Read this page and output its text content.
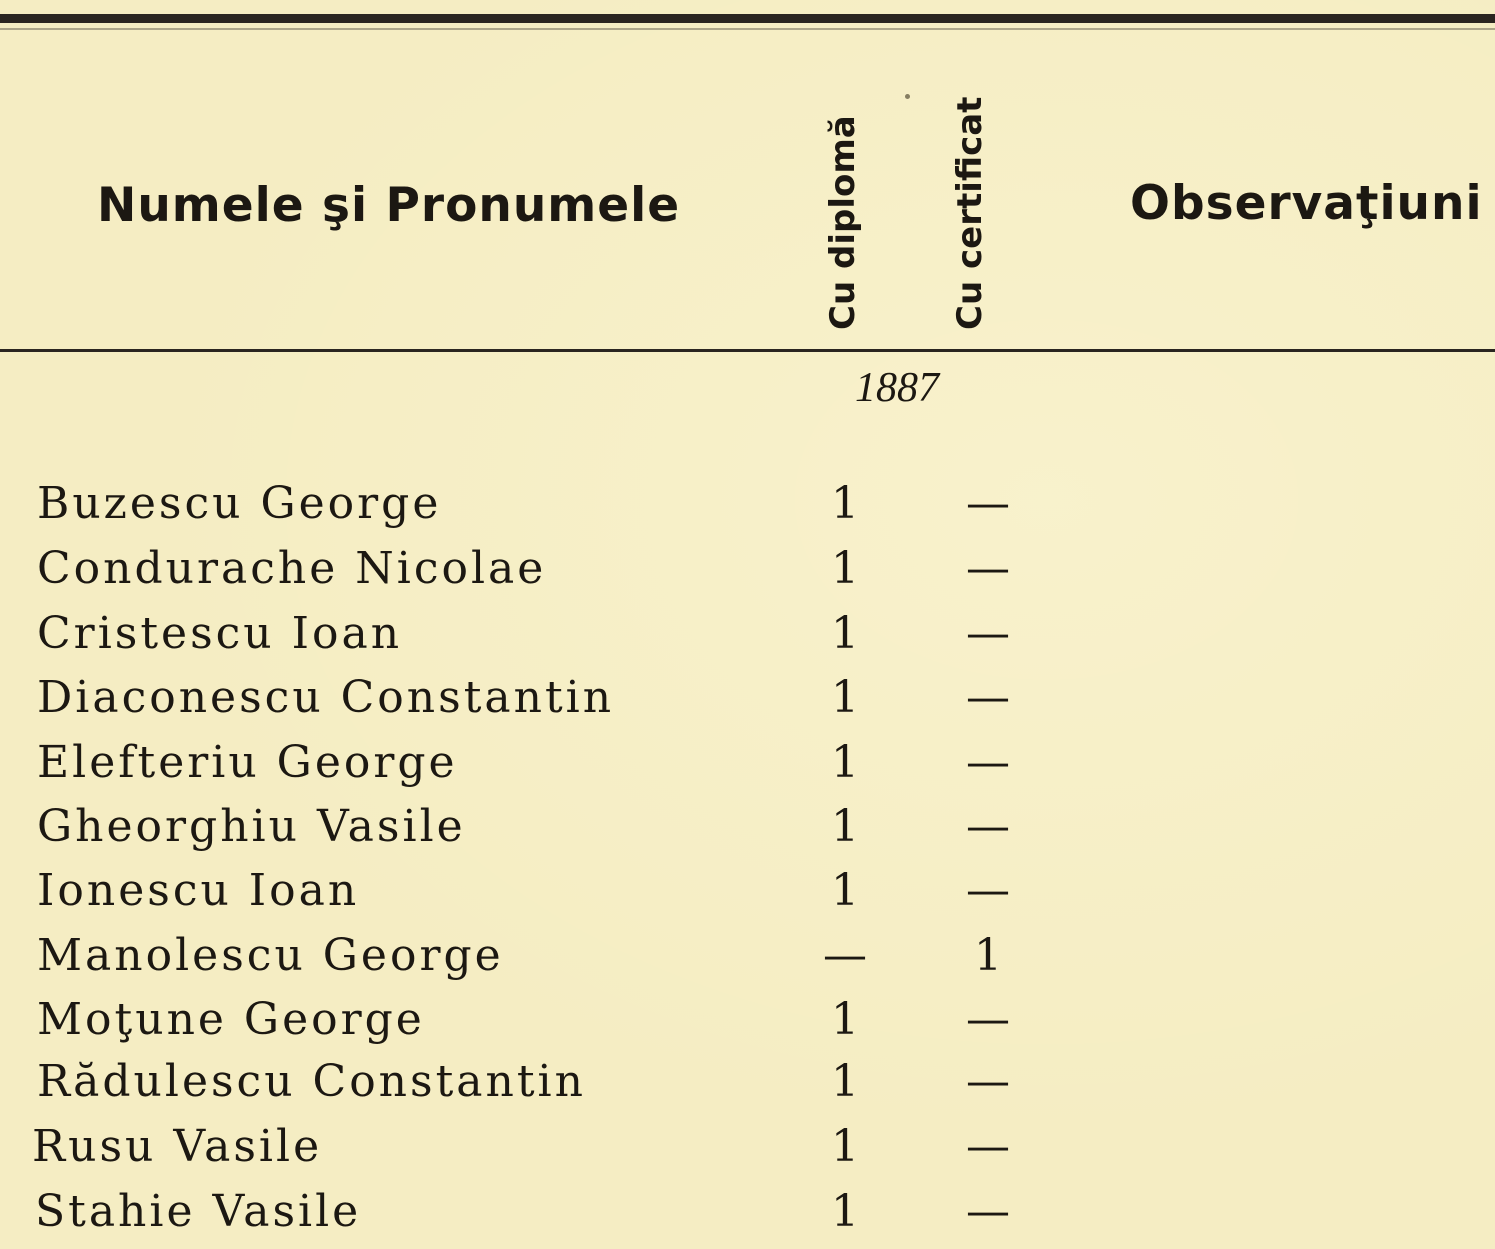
Numele şi Pronumele	Cu diplomă	Cu certificat	Observaţiuni
1887
Buzescu George	1	—
Condurache Nicolae	1	—
Cristescu Ioan	1	—
Diaconescu Constantin	1	—
Elefteriu George	1	—
Gheorghiu Vasile	1	—
Ionescu Ioan	1	—
Manolescu George	—	1
Moţune George	1	—
Rădulescu Constantin	1	—
Rusu Vasile	1	—
Stahie Vasile	1	—
